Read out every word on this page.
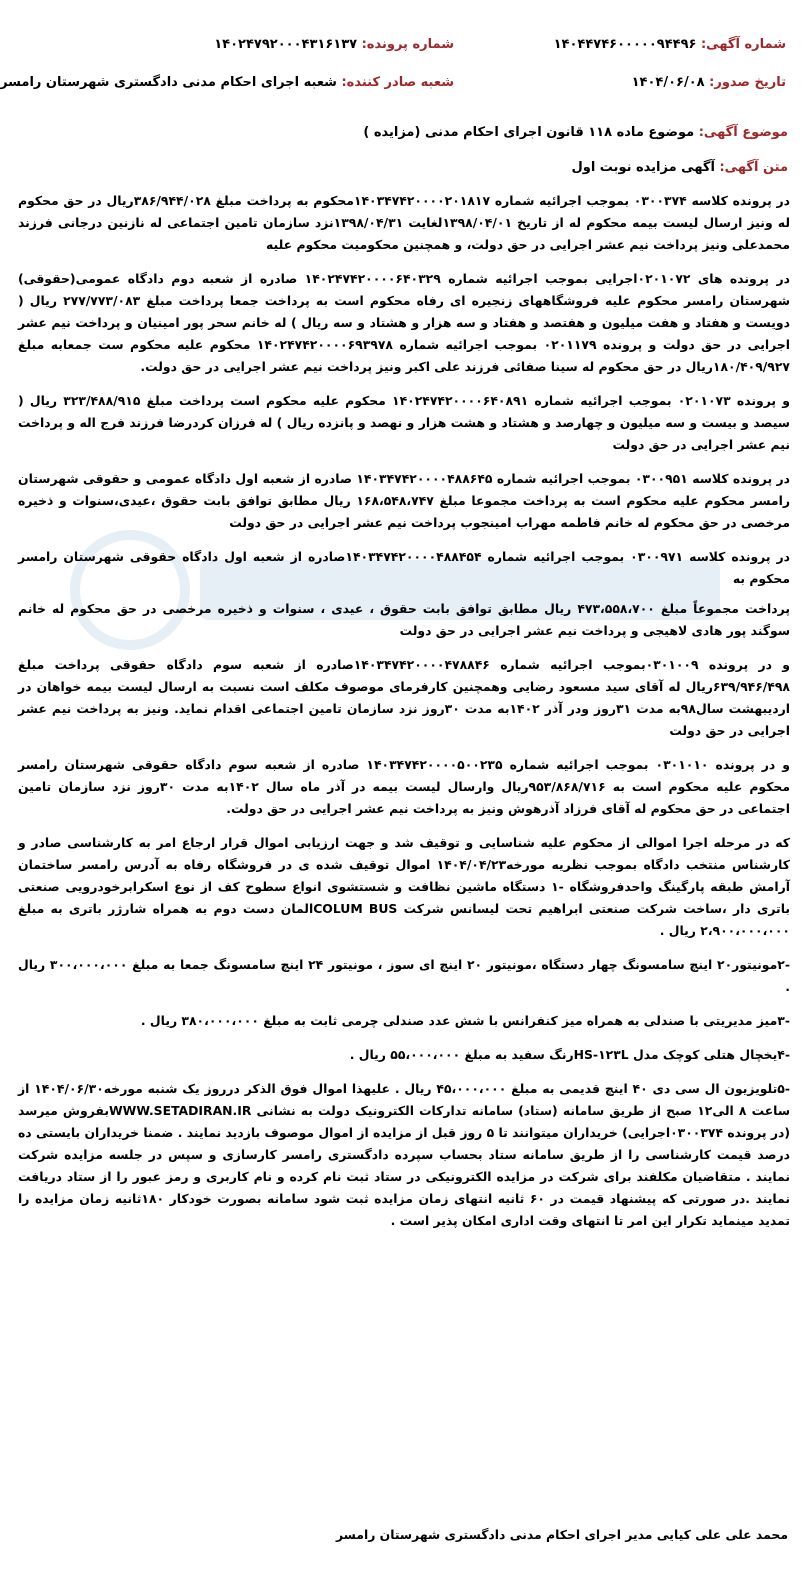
شماره آگهی: ۱۴۰۴۴۷۴۶۰۰۰۰۰۹۴۴۹۶
شماره پرونده: ۱۴۰۲۴۷۹۲۰۰۰۴۳۱۶۱۳۷
تاریخ صدور: ۱۴۰۴/۰۶/۰۸
شعبه صادر کننده: شعبه اجرای احکام مدنی دادگستری شهرستان رامسر
موضوع آگهی: موضوع ماده ۱۱۸ قانون اجرای احکام مدنی (مزایده )
متن آگهی: آگهی مزایده نوبت اول

در پرونده کلاسه ۰۳۰۰۳۷۴ بموجب اجرائیه شماره ۱۴۰۳۴۷۴۲۰۰۰۰۲۰۱۸۱۷محکوم به پرداخت مبلغ ۳۸۶/۹۴۴/۰۲۸ریال در حق محکوم له ونیز ارسال لیست بیمه محکوم له از تاریخ ۱۳۹۸/۰۴/۰۱لغایت ۱۳۹۸/۰۴/۳۱نزد سازمان تامین اجتماعی له نازنین درجانی فرزند محمدعلی ونیز پرداخت نیم عشر اجرایی در حق دولت، و همچنین محکومیت محکوم علیه

در پرونده های ۰۲۰۱۰۷۲اجرایی بموجب اجرائیه شماره ۱۴۰۲۴۷۴۲۰۰۰۰۶۴۰۳۲۹ صادره از شعبه دوم دادگاه عمومی(حقوقی) شهرستان رامسر محکوم علیه فروشگاههای زنجیره ای رفاه محکوم است به پرداخت جمعا پرداخت مبلغ ۲۷۷/۷۷۳/۰۸۳ ریال ( دویست و هفتاد و هفت میلیون و هفتصد و هفتاد و سه هزار و هشتاد و سه ریال ) له خانم سحر پور امینیان و پرداخت نیم عشر اجرایی در حق دولت و پرونده ۰۲۰۱۱۷۹ بموجب اجرائیه شماره ۱۴۰۲۴۷۴۲۰۰۰۰۶۹۳۹۷۸ محکوم علیه محکوم ست جمعابه مبلغ ۱۸۰/۴۰۹/۹۲۷ریال در حق محکوم له سینا صفائی فرزند علی اکبر ونیز پرداخت نیم عشر اجرایی در حق دولت.

و پرونده ۰۲۰۱۰۷۳ بموجب اجرائیه شماره ۱۴۰۲۴۷۴۲۰۰۰۰۶۴۰۸۹۱ محکوم علیه محکوم است پرداخت مبلغ ۳۲۳/۴۸۸/۹۱۵ ریال ( سیصد و بیست و سه میلیون و چهارصد و هشتاد و هشت هزار و نهصد و پانزده ریال ) له فرزان کردرضا فرزند فرج اله و پرداخت نیم عشر اجرایی در حق دولت

در پرونده کلاسه ۰۳۰۰۹۵۱ بموجب اجرائیه شماره ۱۴۰۳۴۷۴۲۰۰۰۰۴۸۸۶۴۵ صادره از شعبه اول دادگاه عمومی و حقوقی شهرستان رامسر محکوم علیه محکوم است به پرداخت مجموعا مبلغ ۱۶۸،۵۴۸،۷۴۷ ریال مطابق توافق بابت حقوق ،عیدی،سنوات و ذخیره مرخصی در حق محکوم له خانم فاطمه مهراب امینجوب پرداخت نیم عشر اجرایی در حق دولت

در پرونده کلاسه ۰۳۰۰۹۷۱ بموجب اجرائیه شماره ۱۴۰۳۴۷۴۲۰۰۰۰۴۸۸۴۵۴صادره از شعبه اول دادگاه حقوقی شهرستان رامسر محکوم به

پرداخت مجموعاً مبلغ ۴۷۳،۵۵۸،۷۰۰ ریال مطابق توافق بابت حقوق ، عیدی ، سنوات و ذخیره مرخصی در حق محکوم له خانم سوگند پور هادی لاهیجی و پرداخت نیم عشر اجرایی در حق دولت

و در پرونده ۰۳۰۱۰۰۹بموجب اجرائیه شماره ۱۴۰۳۴۷۴۲۰۰۰۰۴۷۸۸۴۶صادره از شعبه سوم دادگاه حقوقی پرداخت مبلغ ۶۳۹/۹۴۶/۴۹۸ریال له آقای سید مسعود رضایی وهمچنین کارفرمای موصوف مکلف است نسبت به ارسال لیست بیمه خواهان در اردیبهشت سال۹۸به مدت ۳۱روز ودر آذر ۱۴۰۲به مدت ۳۰روز نزد سازمان تامین اجتماعی اقدام نماید. ونیز به پرداخت نیم عشر اجرایی در حق دولت

و در پرونده ۰۳۰۱۰۱۰ بموجب اجرائیه شماره ۱۴۰۳۴۷۴۲۰۰۰۰۵۰۰۲۳۵ صادره از شعبه سوم دادگاه حقوقی شهرستان رامسر محکوم علیه محکوم است به ۹۵۳/۸۶۸/۷۱۶ریال وارسال لیست بیمه در آذر ماه سال ۱۴۰۲به مدت ۳۰روز نزد سازمان تامین اجتماعی در حق محکوم له آقای فرزاد آذرهوش ونیز به پرداخت نیم عشر اجرایی در حق دولت.

که در مرحله اجرا اموالی از محکوم علیه شناسایی و توقیف شد و جهت ارزیابی اموال قرار ارجاع امر به کارشناسی صادر و کارشناس منتخب دادگاه بموجب نظریه مورخه۱۴۰۴/۰۴/۲۳ اموال توقیف شده ی در فروشگاه رفاه به آدرس رامسر ساختمان آرامش طبقه پارگینگ واحدفروشگاه -۱ دستگاه ماشین نظافت و شستشوی انواع سطوح کف از نوع اسکرابرخودرویی صنعتی باتری دار ،ساخت شرکت صنعتی ابراهیم تحت لیسانس شرکت COLUM BUSالمان دست دوم به همراه شارژر باتری به مبلغ ۲،۹۰۰،۰۰۰،۰۰۰ ریال .

-۲مونیتور۲۰ اینچ سامسونگ چهار دستگاه ،مونیتور ۲۰ اینچ ای سوز ، مونیتور ۲۴ اینچ سامسونگ جمعا به مبلغ ۳۰۰،۰۰۰،۰۰۰ ریال .

-۳میز مدیریتی با صندلی به همراه میز کنفرانس با شش عدد صندلی چرمی ثابت به مبلغ ۳۸۰،۰۰۰،۰۰۰ ریال .

-۴یخچال هتلی کوچک مدل HS-۱۲۳Lرنگ سفید به مبلغ ۵۵،۰۰۰،۰۰۰ ریال .

-۵تلویزیون ال سی دی ۴۰ اینچ قدیمی به مبلغ ۴۵،۰۰۰،۰۰۰ ریال . علیهذا اموال فوق الذکر درروز یک شنبه مورخه۱۴۰۴/۰۶/۳۰ از ساعت ۸ الی۱۲ صبح از طریق سامانه (ستاد) سامانه تدارکات الکترونیک دولت به نشانی WWW.SETADIRAN.IRبفروش میرسد (در پرونده ۰۳۰۰۳۷۴اجرایی) خریداران میتوانند تا ۵ روز قبل از مزایده از اموال موصوف بازدید نمایند . ضمنا خریداران بایستی ده درصد قیمت کارشناسی را از طریق سامانه ستاد بحساب سپرده دادگستری رامسر کارسازی و سپس در جلسه مزایده شرکت نمایند . متقاضیان مکلفند برای شرکت در مزایده الکترونیکی در ستاد ثبت نام کرده و نام کاربری و رمز عبور را از ستاد دریافت نمایند .در صورتی که پیشنهاد قیمت در ۶۰ ثانیه انتهای زمان مزایده ثبت شود سامانه بصورت خودکار ۱۸۰ثانیه زمان مزایده را تمدید مینماید تکرار این امر تا انتهای وقت اداری امکان پذیر است .

محمد علی علی کیایی مدیر اجرای احکام مدنی دادگستری شهرستان رامسر
